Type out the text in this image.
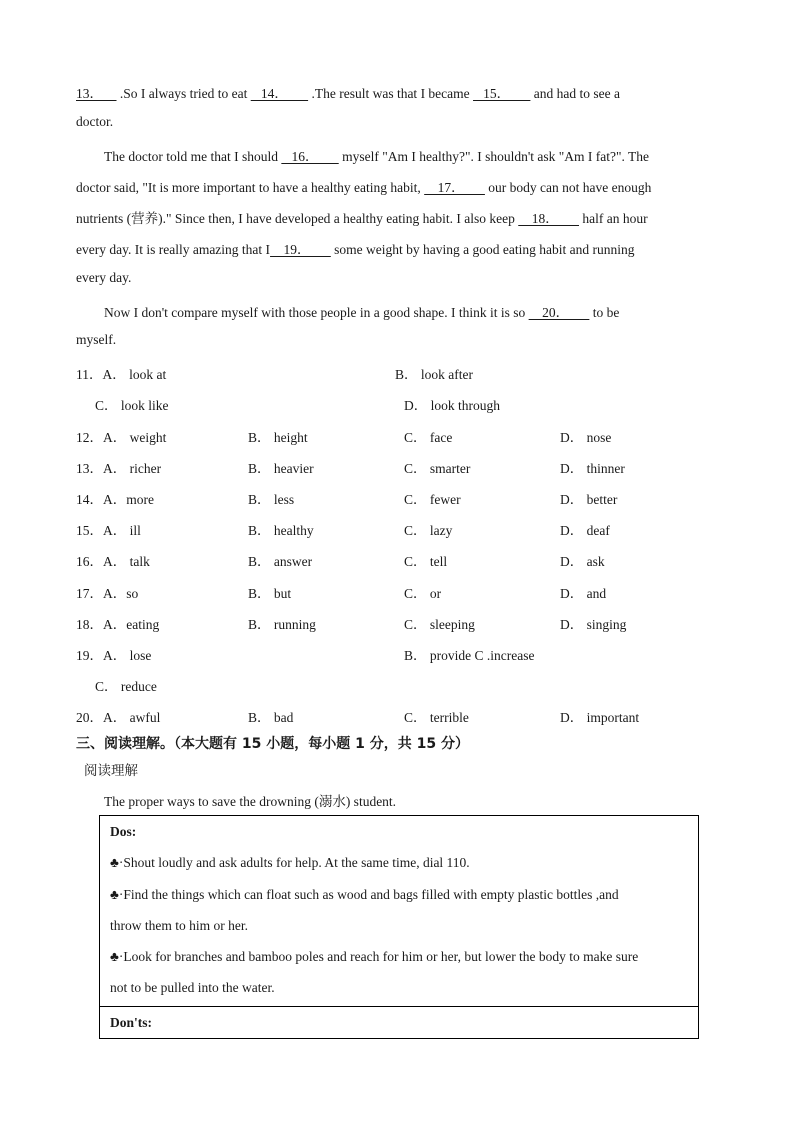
13．     .So I always tried to eat    14．       .The result was that I became    15．       and had to see a
doctor.
The doctor told me that I should    16．       myself "Am I healthy?". I shouldn't ask "Am I fat?". The
doctor said, "It is more important to have a healthy eating habit,     17．       our body can not have enough
nutrients (营养)." Since then, I have developed a healthy eating habit. I also keep     18．       half an hour
every day. It is really amazing that I    19．       some weight by having a good eating habit and running
every day.
Now I don't compare myself with those people in a good shape. I think it is so     20．       to be
myself.
11．A． look at	B． look after
C． look like	D． look through
12．A． weight	B． height	C． face	D． nose
13．A． richer	B． heavier	C． smarter	D． thinner
14．A．more	B． less	C． fewer	D． better
15．A． ill	B． healthy	C． lazy	D． deaf
16．A． talk	B． answer	C． tell	D． ask
17．A．so	B． but	C． or	D． and
18．A．eating	B． running	C． sleeping	D． singing
19．A． lose	B． provide C .increase
C． reduce
20．A． awful	B． bad	C． terrible	D． important
三、阅读理解。（本大题有 15 小题，每小题 1 分，共 15 分）
阅读理解
The proper ways to save the drowning (溺水) student.
Dos:
♣·Shout loudly and ask adults for help. At the same time, dial 110.
♣·Find the things which can float such as wood and bags filled with empty plastic bottles ,and
throw them to him or her.
♣·Look for branches and bamboo poles and reach for him or her, but lower the body to make sure
not to be pulled into the water.
Don'ts:
